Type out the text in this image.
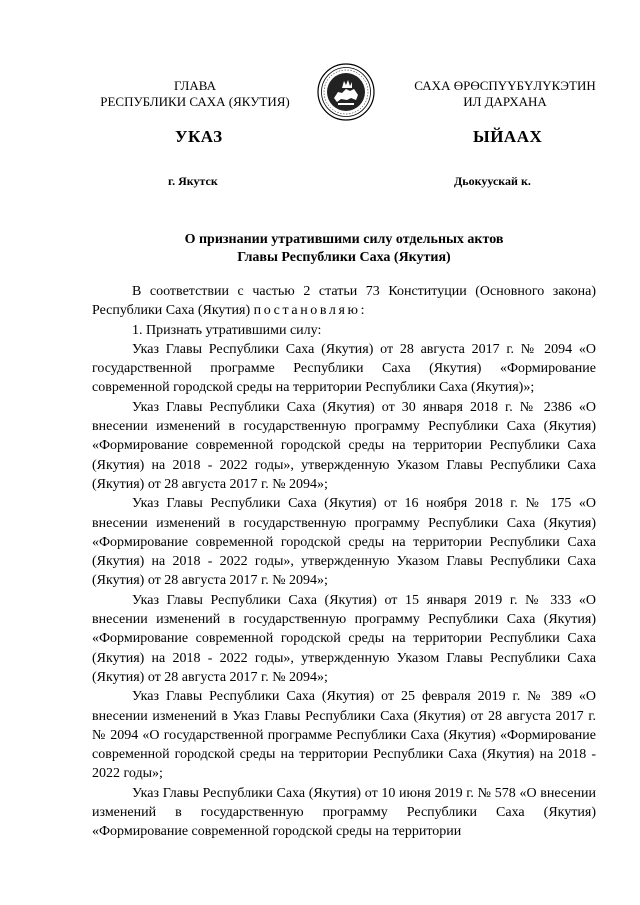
ГЛАВА
РЕСПУБЛИКИ САХА (ЯКУТИЯ)
САХА ӨРӨСПҮҮБҮЛҮКЭТИН
ИЛ ДАРХАНА
УКАЗ	ЫЙААХ
г. Якутск	Дьокуускай к.
О признании утратившими силу отдельных актов
Главы Республики Саха (Якутия)

В соответствии с частью 2 статьи 73 Конституции (Основного закона) Республики Саха (Якутия) постановляю:

1. Признать утратившими силу:

Указ Главы Республики Саха (Якутия) от 28 августа 2017 г. № 2094 «О государственной программе Республики Саха (Якутия) «Формирование современной городской среды на территории Республики Саха (Якутия)»;

Указ Главы Республики Саха (Якутия) от 30 января 2018 г. № 2386 «О внесении изменений в государственную программу Республики Саха (Якутия) «Формирование современной городской среды на территории Республики Саха (Якутия) на 2018 - 2022 годы», утвержденную Указом Главы Республики Саха (Якутия) от 28 августа 2017 г. № 2094»;

Указ Главы Республики Саха (Якутия) от 16 ноября 2018 г. № 175 «О внесении изменений в государственную программу Республики Саха (Якутия) «Формирование современной городской среды на территории Республики Саха (Якутия) на 2018 - 2022 годы», утвержденную Указом Главы Республики Саха (Якутия) от 28 августа 2017 г. № 2094»;

Указ Главы Республики Саха (Якутия) от 15 января 2019 г. № 333 «О внесении изменений в государственную программу Республики Саха (Якутия) «Формирование современной городской среды на территории Республики Саха (Якутия) на 2018 - 2022 годы», утвержденную Указом Главы Республики Саха (Якутия) от 28 августа 2017 г. № 2094»;

Указ Главы Республики Саха (Якутия) от 25 февраля 2019 г. № 389 «О внесении изменений в Указ Главы Республики Саха (Якутия) от 28 августа 2017 г. № 2094 «О государственной программе Республики Саха (Якутия) «Формирование современной городской среды на территории Республики Саха (Якутия) на 2018 - 2022 годы»;

Указ Главы Республики Саха (Якутия) от 10 июня 2019 г. № 578 «О внесении изменений в государственную программу Республики Саха (Якутия) «Формирование современной городской среды на территории
